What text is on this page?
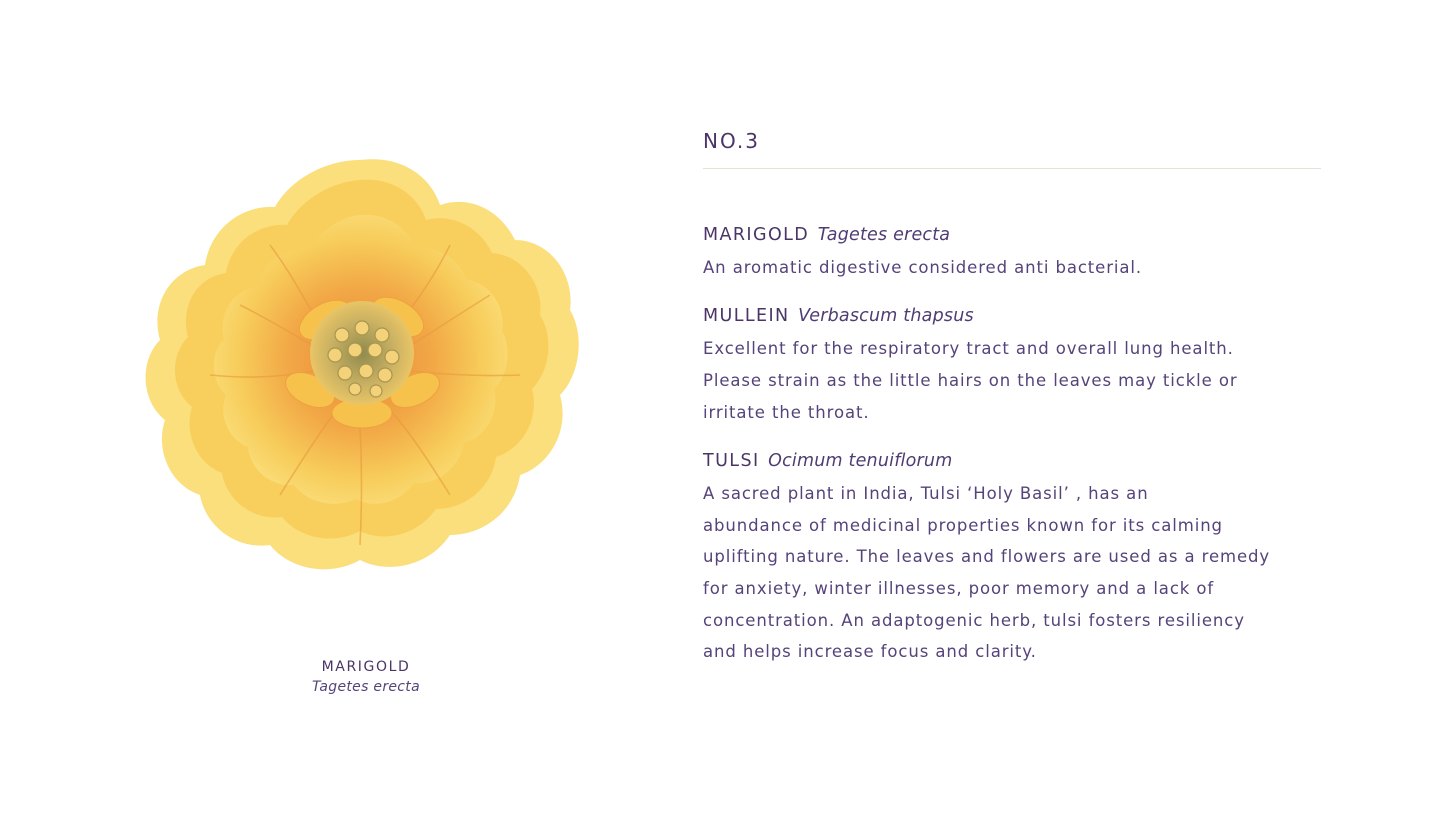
MARIGOLD
Tagetes erecta
NO.3

MARIGOLD Tagetes erecta

An aromatic digestive considered anti bacterial.

MULLEIN Verbascum thapsus

Excellent for the respiratory tract and overall lung health.
Please strain as the little hairs on the leaves may tickle or
irritate the throat.

TULSI Ocimum tenuiflorum

A sacred plant in India, Tulsi ‘Holy Basil’ , has an
abundance of medicinal properties known for its calming
uplifting nature. The leaves and flowers are used as a remedy
for anxiety, winter illnesses, poor memory and a lack of
concentration. An adaptogenic herb, tulsi fosters resiliency
and helps increase focus and clarity.
